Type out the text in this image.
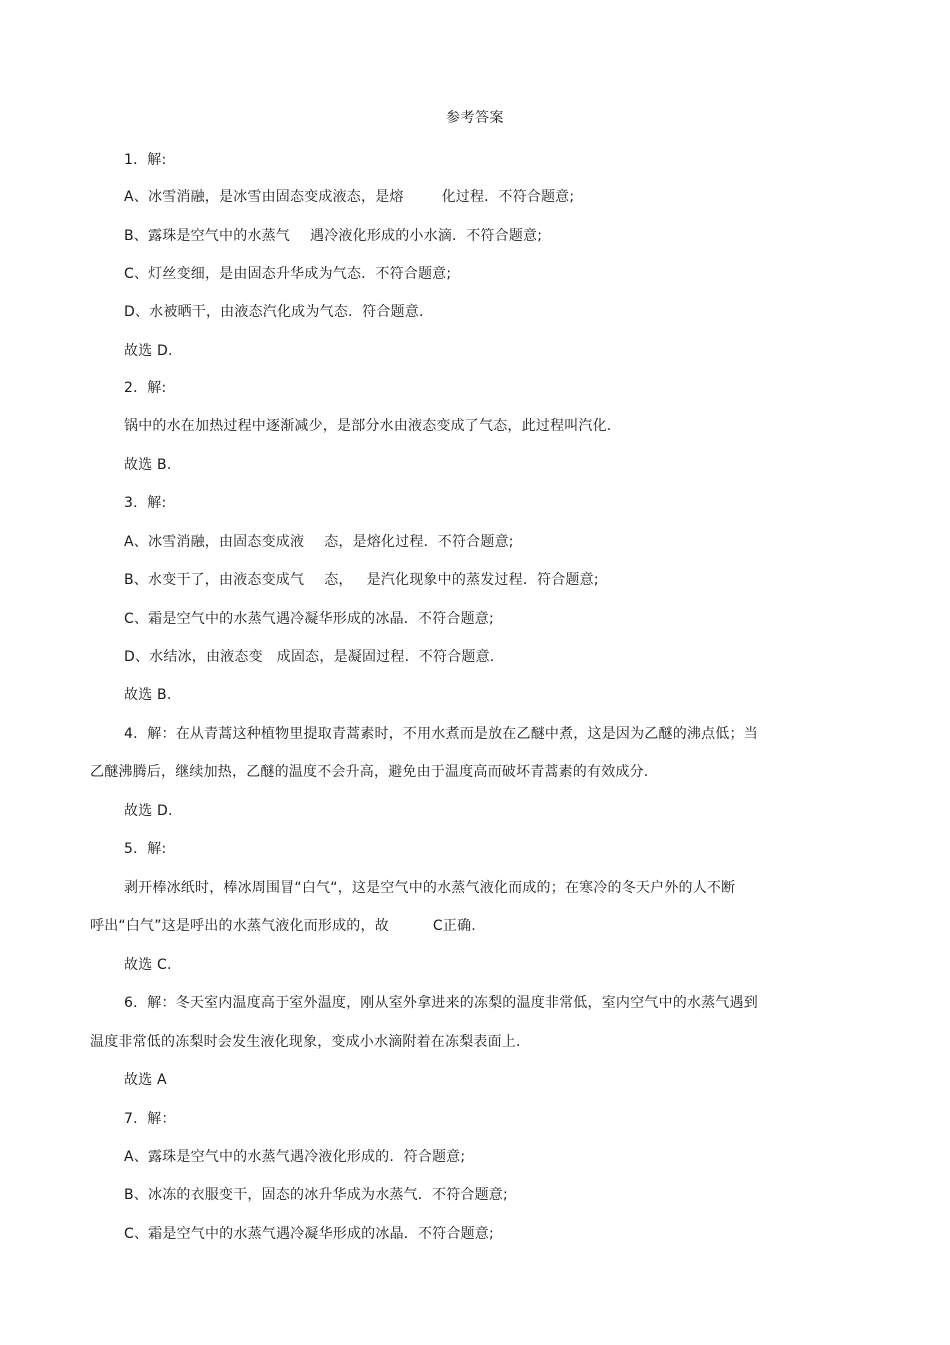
参考答案
1．解:
A、冰雪消融，是冰雪由固态变成液态，是熔	化过程．不符合题意;
B、露珠是空气中的水蒸气 遇冷液化形成的小水滴．不符合题意;
C、灯丝变细，是由固态升华成为气态．不符合题意;
D、水被晒干，由液态汽化成为气态．符合题意.
故选 D.
2．解:
锅中的水在加热过程中逐渐减少，是部分水由液态变成了气态，此过程叫汽化.
故选 B.
3．解:
A、冰雪消融，由固态变成液 态，是熔化过程．不符合题意;
B、水变干了，由液态变成气 态， 是汽化现象中的蒸发过程．符合题意;
C、霜是空气中的水蒸气遇冷凝华形成的冰晶．不符合题意;
D、水结冰，由液态变 成固态，是凝固过程．不符合题意.
故选 B.
4．解：在从青蒿这种植物里提取青蒿素时，不用水煮而是放在乙醚中煮，这是因为乙醚的沸点低；当
乙醚沸腾后，继续加热，乙醚的温度不会升高，避免由于温度高而破坏青蒿素的有效成分.
故选 D.
5．解:
剥开棒冰纸时，棒冰周围冒“白气“，这是空气中的水蒸气液化而成的；在寒冷的冬天户外的人不断
呼出“白气”这是呼出的水蒸气液化而形成的，故	C正确.
故选 C.
6．解：冬天室内温度高于室外温度，刚从室外拿进来的冻梨的温度非常低，室内空气中的水蒸气遇到
温度非常低的冻梨时会发生液化现象，变成小水滴附着在冻梨表面上.
故选 A
7．解：
A、露珠是空气中的水蒸气遇冷液化形成的．符合题意;
B、冰冻的衣服变干，固态的冰升华成为水蒸气．不符合题意;
C、霜是空气中的水蒸气遇冷凝华形成的冰晶．不符合题意;
